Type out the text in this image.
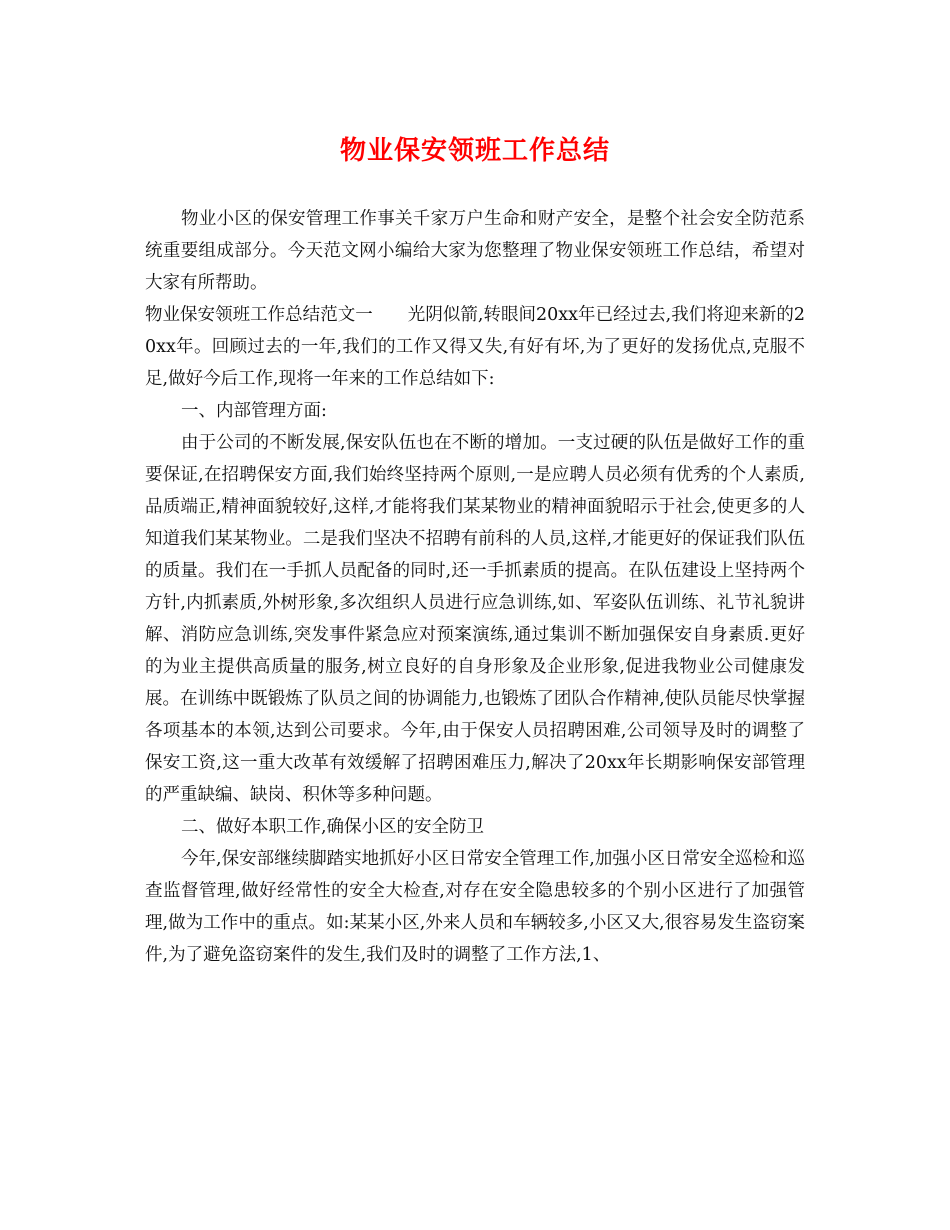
物业保安领班工作总结

物业小区的保安管理工作事关千家万户生命和财产安全，是整个社会安全防范系统重要组成部分。今天范文网小编给大家为您整理了物业保安领班工作总结，希望对大家有所帮助。

物业保安领班工作总结范文一　　光阴似箭,转眼间20xx年已经过去,我们将迎来新的20xx年。回顾过去的一年,我们的工作又得又失,有好有坏,为了更好的发扬优点,克服不足,做好今后工作,现将一年来的工作总结如下:

一、内部管理方面:

由于公司的不断发展,保安队伍也在不断的增加。一支过硬的队伍是做好工作的重要保证,在招聘保安方面,我们始终坚持两个原则,一是应聘人员必须有优秀的个人素质,品质端正,精神面貌较好,这样,才能将我们某某物业的精神面貌昭示于社会,使更多的人知道我们某某物业。二是我们坚决不招聘有前科的人员,这样,才能更好的保证我们队伍的质量。我们在一手抓人员配备的同时,还一手抓素质的提高。在队伍建设上坚持两个方针,内抓素质,外树形象,多次组织人员进行应急训练,如、军姿队伍训练、礼节礼貌讲解、消防应急训练,突发事件紧急应对预案演练,通过集训不断加强保安自身素质.更好的为业主提供高质量的服务,树立良好的自身形象及企业形象,促进我物业公司健康发展。在训练中既锻炼了队员之间的协调能力,也锻炼了团队合作精神,使队员能尽快掌握各项基本的本领,达到公司要求。今年,由于保安人员招聘困难,公司领导及时的调整了保安工资,这一重大改革有效缓解了招聘困难压力,解决了20xx年长期影响保安部管理的严重缺编、缺岗、积休等多种问题。

二、做好本职工作,确保小区的安全防卫

今年,保安部继续脚踏实地抓好小区日常安全管理工作,加强小区日常安全巡检和巡查监督管理,做好经常性的安全大检查,对存在安全隐患较多的个别小区进行了加强管理,做为工作中的重点。如:某某小区,外来人员和车辆较多,小区又大,很容易发生盗窃案件,为了避免盗窃案件的发生,我们及时的调整了工作方法,1、
